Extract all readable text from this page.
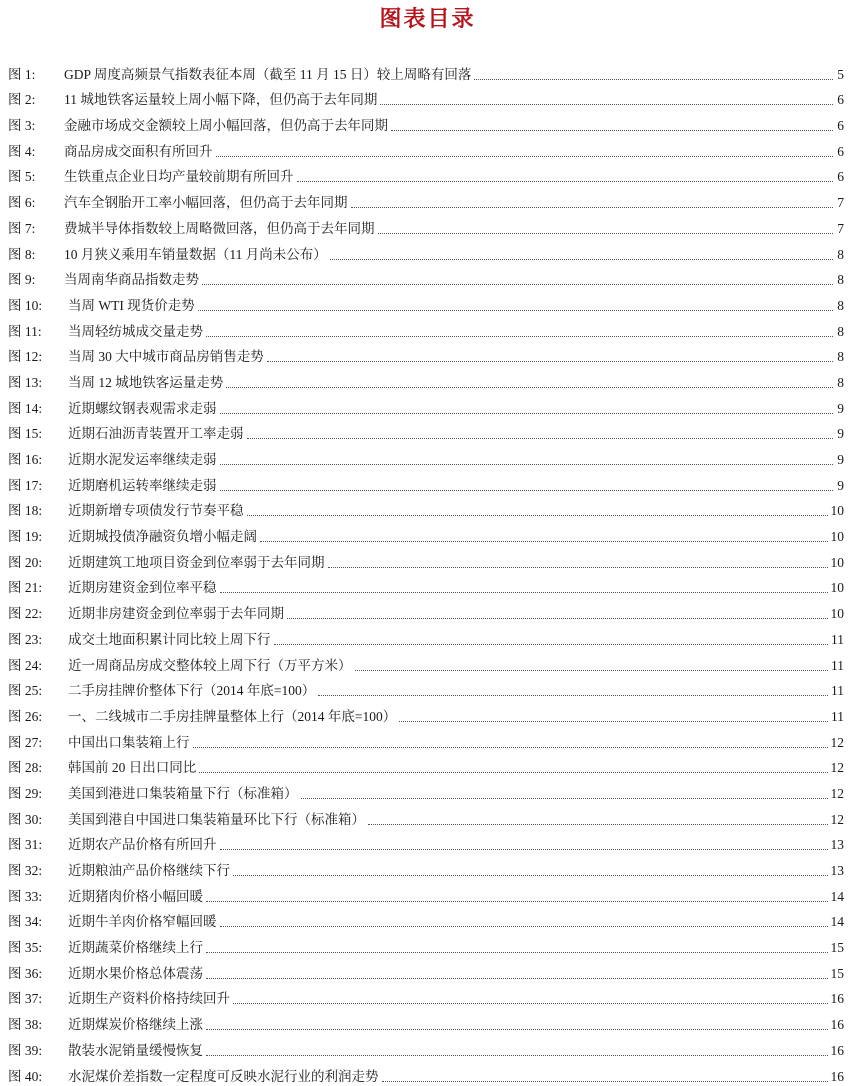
图表目录
图 1:	GDP 周度高频景气指数表征本周（截至 11 月 15 日）较上周略有回落	5
图 2:	11 城地铁客运量较上周小幅下降，但仍高于去年同期	6
图 3:	金融市场成交金额较上周小幅回落，但仍高于去年同期	6
图 4:	商品房成交面积有所回升	6
图 5:	生铁重点企业日均产量较前期有所回升	6
图 6:	汽车全钢胎开工率小幅回落，但仍高于去年同期	7
图 7:	费城半导体指数较上周略微回落，但仍高于去年同期	7
图 8:	10 月狭义乘用车销量数据（11 月尚未公布）	8
图 9:	当周南华商品指数走势	8
图 10:	当周 WTI 现货价走势	8
图 11:	当周轻纺城成交量走势	8
图 12:	当周 30 大中城市商品房销售走势	8
图 13:	当周 12 城地铁客运量走势	8
图 14:	近期螺纹钢表观需求走弱	9
图 15:	近期石油沥青装置开工率走弱	9
图 16:	近期水泥发运率继续走弱	9
图 17:	近期磨机运转率继续走弱	9
图 18:	近期新增专项债发行节奏平稳	10
图 19:	近期城投债净融资负增小幅走阔	10
图 20:	近期建筑工地项目资金到位率弱于去年同期	10
图 21:	近期房建资金到位率平稳	10
图 22:	近期非房建资金到位率弱于去年同期	10
图 23:	成交土地面积累计同比较上周下行	11
图 24:	近一周商品房成交整体较上周下行（万平方米）	11
图 25:	二手房挂牌价整体下行（2014 年底=100）	11
图 26:	一、二线城市二手房挂牌量整体上行（2014 年底=100）	11
图 27:	中国出口集装箱上行	12
图 28:	韩国前 20 日出口同比	12
图 29:	美国到港进口集装箱量下行（标准箱）	12
图 30:	美国到港自中国进口集装箱量环比下行（标准箱）	12
图 31:	近期农产品价格有所回升	13
图 32:	近期粮油产品价格继续下行	13
图 33:	近期猪肉价格小幅回暖	14
图 34:	近期牛羊肉价格窄幅回暖	14
图 35:	近期蔬菜价格继续上行	15
图 36:	近期水果价格总体震荡	15
图 37:	近期生产资料价格持续回升	16
图 38:	近期煤炭价格继续上涨	16
图 39:	散装水泥销量缓慢恢复	16
图 40:	水泥煤价差指数一定程度可反映水泥行业的利润走势	16
